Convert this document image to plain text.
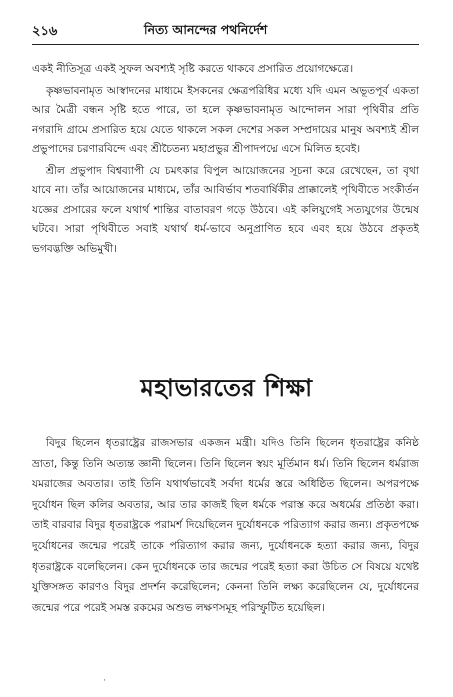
২১৬	নিত্য আনন্দের পথনির্দেশ

একই নীতিসূত্র একই সুফল অবশ্যই সৃষ্টি করতে থাকবে প্রসারিত প্রয়োগক্ষেত্রে।

কৃষ্ণভাবনামৃত আস্বাদনের মাধ্যমে ইসকনের ক্ষেত্রপরিধির মধ্যে যদি এমন অভূতপূর্ব একতা আর মৈত্রী বন্ধন সৃষ্টি হতে পারে, তা হলে কৃষ্ণভাবনামৃত আন্দোলন সারা পৃথিবীর প্রতি নগরাদি গ্রামে প্রসারিত হয়ে যেতে থাকলে সকল দেশের সকল সম্প্রদায়ের মানুষ অবশ্যই শ্রীল প্রভুপাদের চরণারবিন্দে এবং শ্রীচৈতন্য মহাপ্রভুর শ্রীপাদপদ্মে এসে মিলিত হবেই।

শ্রীল প্রভুপাদ বিশ্বব্যাপী যে চমৎকার বিপুল আয়োজনের সূচনা করে রেখেছেন, তা বৃথা যাবে না। তাঁর আয়োজনের মাধ্যমে, তাঁর আবির্ভাব শতবার্ষিকীর প্রাক্কালেই পৃথিবীতে সংকীর্তন যজ্ঞের প্রসারের ফলে যথার্থ শান্তির বাতাবরণ গড়ে উঠবে। এই কলিযুগেই সত্যযুগের উন্মেষ ঘটবে। সারা পৃথিবীতে সবাই যথার্থ ধর্ম-ভাবে অনুপ্রাণিত হবে এবং হয়ে উঠবে প্রকৃতই ভগবদ্ভক্তি অভিমুখী।

মহাভারতের শিক্ষা

বিদুর ছিলেন ধৃতরাষ্ট্রের রাজসভার একজন মন্ত্রী। যদিও তিনি ছিলেন ধৃতরাষ্ট্রের কনিষ্ঠ ভ্রাতা, কিন্তু তিনি অত্যন্ত জ্ঞানী ছিলেন। তিনি ছিলেন স্বয়ং মূর্তিমান ধর্ম। তিনি ছিলেন ধর্মরাজ যমরাজের অবতার। তাই তিনি যথার্থভাবেই সর্বদা ধর্মের স্তরে অধিষ্ঠিত ছিলেন। অপরপক্ষে দুর্যোধন ছিল কলির অবতার, আর তার কাজই ছিল ধর্মকে পরাস্ত করে অধর্মের প্রতিষ্ঠা করা। তাই বারবার বিদুর ধৃতরাষ্ট্রকে পরামর্শ দিয়েছিলেন দুর্যোধনকে পরিত্যাগ করার জন্য। প্রকৃতপক্ষে দুর্যোধনের জন্মের পরেই তাকে পরিত্যাগ করার জন্য, দুর্যোধনকে হত্যা করার জন্য, বিদুর ধৃতরাষ্ট্রকে বলেছিলেন। কেন দুর্যোধনকে তার জন্মের পরেই হত্যা করা উচিত সে বিষয়ে যথেষ্ট যুক্তিসঙ্গত কারণও বিদুর প্রদর্শন করেছিলেন; কেননা তিনি লক্ষ্য করেছিলেন যে, দুর্যোধনের জন্মের পরে পরেই সমস্ত রকমের অশুভ লক্ষণসমূহ পরিস্ফুটিত হয়েছিল।

·
